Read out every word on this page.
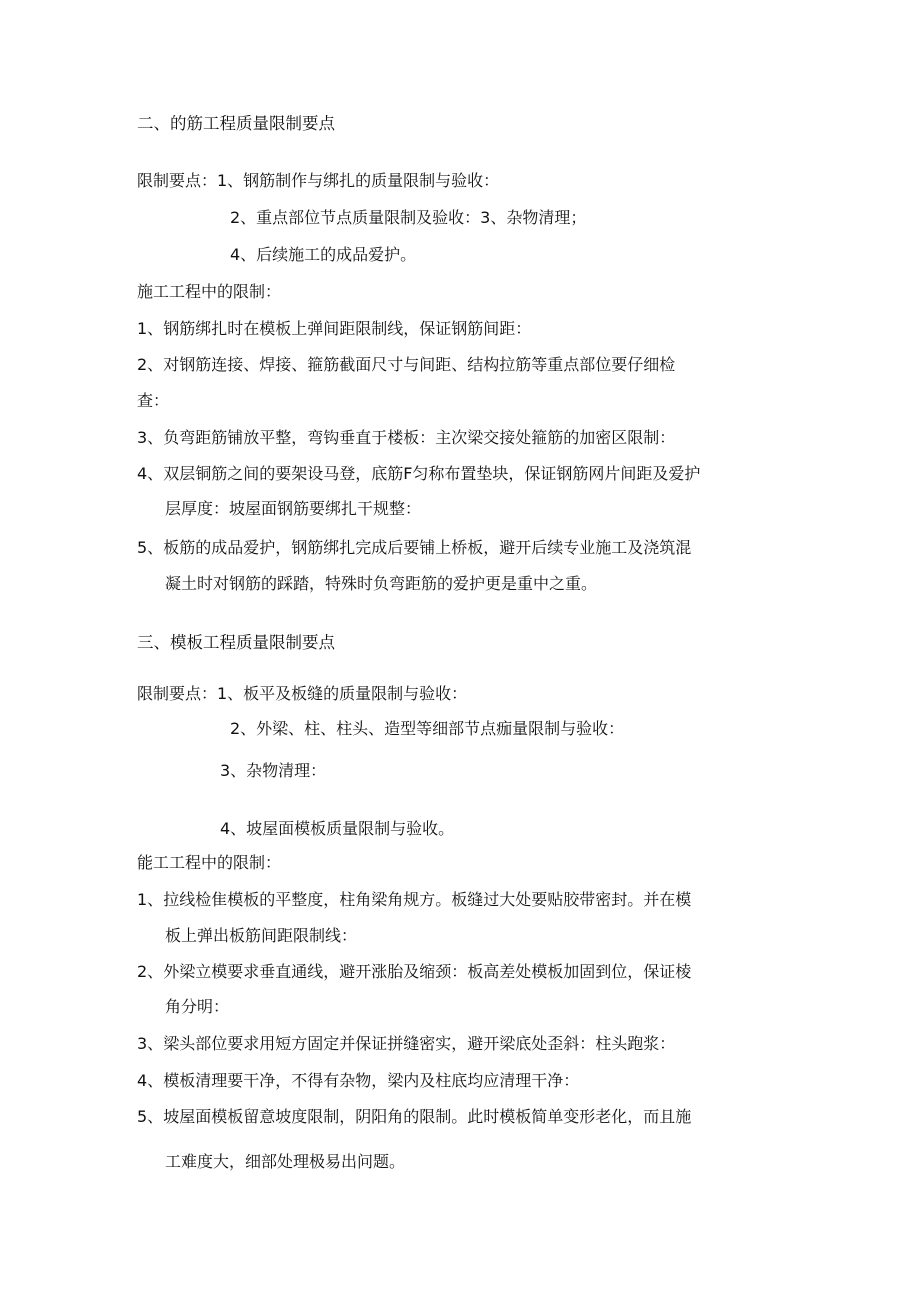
二、的筋工程质量限制要点
限制要点：1、钢筋制作与绑扎的质量限制与验收：
2、重点部位节点质量限制及验收：3、杂物清理；
4、后续施工的成品爱护。
施工工程中的限制：
1、钢筋绑扎时在模板上弹间距限制线，保证钢筋间距：
2、对钢筋连接、焊接、箍筋截面尺寸与间距、结构拉筋等重点部位要仔细检
查：
3、负弯距筋铺放平整，弯钩垂直于楼板：主次梁交接处箍筋的加密区限制：
4、双层铜筋之间的要架设马登，底筋F匀称布置垫块，保证钢筋网片间距及爱护
层厚度：坡屋面钢筋要绑扎干规整：
5、板筋的成品爱护，钢筋绑扎完成后要铺上桥板，避开后续专业施工及浇筑混
凝土时对钢筋的踩踏，特殊时负弯距筋的爱护更是重中之重。
三、模板工程质量限制要点
限制要点：1、板平及板缝的质量限制与验收：
2、外梁、柱、柱头、造型等细部节点痂量限制与验收：
3、杂物清理：
4、坡屋面模板质量限制与验收。
能工工程中的限制：
1、拉线检隹模板的平整度，柱角梁角规方。板缝过大处要贴胶带密封。并在模
板上弹出板筋间距限制线：
2、外梁立模要求垂直通线，避开涨胎及缩颈：板高差处模板加固到位，保证棱
角分明：
3、梁头部位要求用短方固定并保证拼缝密实，避开梁底处歪斜：柱头跑浆：
4、模板清理要干净，不得有杂物，梁内及柱底均应清理干净：
5、坡屋面模板留意坡度限制，阴阳角的限制。此时模板简单变形老化，而且施
工难度大，细部处理极易出问题。
